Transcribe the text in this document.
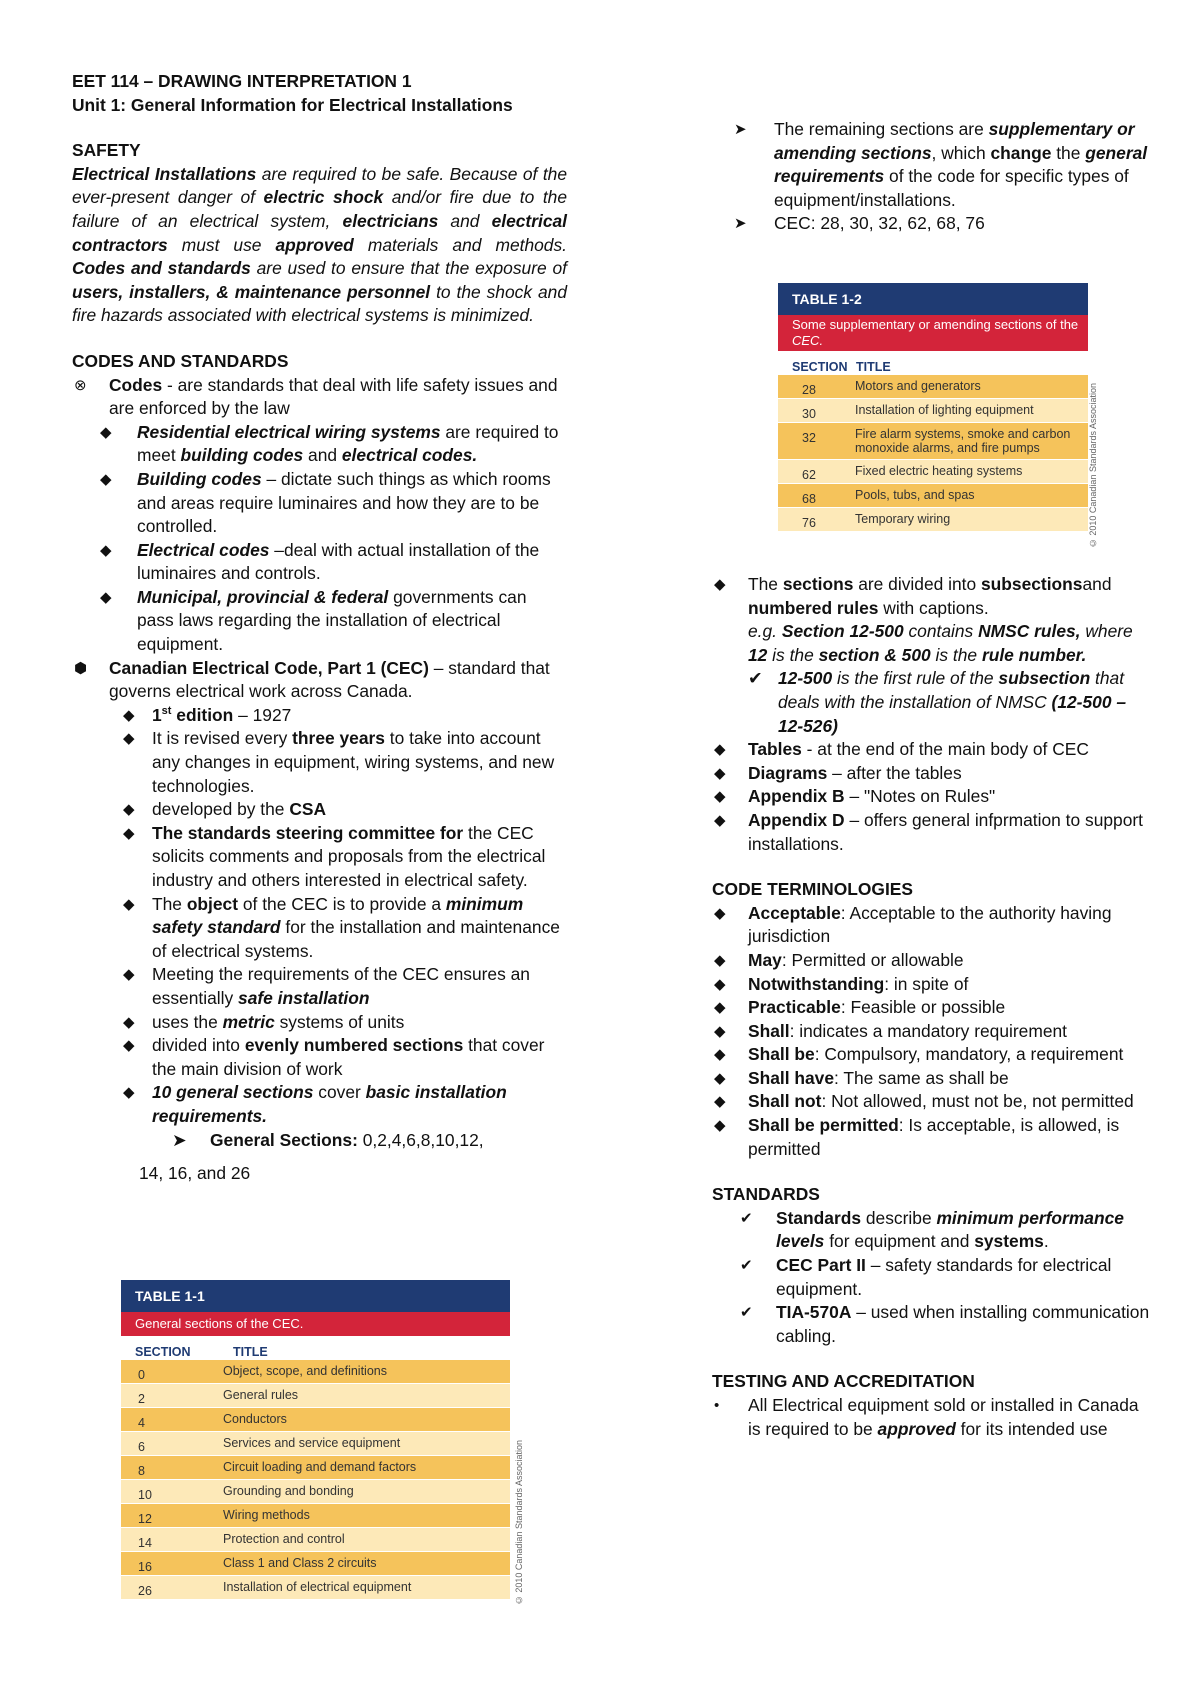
EET 114 – DRAWING INTERPRETATION 1

Unit 1: General Information for Electrical Installations

SAFETY

Electrical Installations are required to be safe. Because of the ever-present danger of electric shock and/or fire due to the failure of an electrical system, electricians and electrical contractors must use approved materials and methods. Codes and standards are used to ensure that the exposure of users, installers, & maintenance personnel to the shock and fire hazards associated with electrical systems is minimized.

CODES AND STANDARDS

⊗ Codes - are standards that deal with life safety issues and are enforced by the law
◆ Residential electrical wiring systems are required to meet building codes and electrical codes.
◆ Building codes – dictate such things as which rooms and areas require luminaires and how they are to be controlled.
◆ Electrical codes –deal with actual installation of the luminaires and controls.
◆ Municipal, provincial & federal governments can pass laws regarding the installation of electrical equipment.
⬢ Canadian Electrical Code, Part 1 (CEC) – standard that governs electrical work across Canada.
◆ 1st edition – 1927
◆ It is revised every three years to take into account any changes in equipment, wiring systems, and new technologies.
◆ developed by the CSA
◆ The standards steering committee for the CEC solicits comments and proposals from the electrical industry and others interested in electrical safety.
◆ The object of the CEC is to provide a minimum safety standard for the installation and maintenance of electrical systems.
◆ Meeting the requirements of the CEC ensures an essentially safe installation
◆ uses the metric systems of units
◆ divided into evenly numbered sections that cover the main division of work
◆ 10 general sections cover basic installation requirements.
➤ General Sections: 0,2,4,6,8,10,12,
14, 16, and 26
TABLE 1-1
General sections of the CEC.
SECTION	TITLE
0	Object, scope, and definitions
2	General rules
4	Conductors
6	Services and service equipment
8	Circuit loading and demand factors
10	Grounding and bonding
12	Wiring methods
14	Protection and control
16	Class 1 and Class 2 circuits
26	Installation of electrical equipment	© 2010 Canadian Standards Association
➤ The remaining sections are supplementary or amending sections, which change the general requirements of the code for specific types of equipment/installations.
➤ CEC: 28, 30, 32, 62, 68, 76
TABLE 1-2
Some supplementary or amending sections of the CEC.
SECTION TITLE
28	Motors and generators
30	Installation of lighting equipment
32	Fire alarm systems, smoke and carbon monoxide alarms, and fire pumps
62	Fixed electric heating systems
68	Pools, tubs, and spas
76	Temporary wiring	© 2010 Canadian Standards Association
◆ The sections are divided into subsectionsand numbered rules with captions.
e.g. Section 12-500 contains NMSC rules, where 12 is the section & 500 is the rule number.
✔ 12-500 is the first rule of the subsection that deals with the installation of NMSC (12-500 – 12-526)
◆ Tables - at the end of the main body of CEC
◆ Diagrams – after the tables
◆ Appendix B – "Notes on Rules"
◆ Appendix D – offers general infprmation to support installations.

CODE TERMINOLOGIES

◆ Acceptable: Acceptable to the authority having jurisdiction
◆ May: Permitted or allowable
◆ Notwithstanding: in spite of
◆ Practicable: Feasible or possible
◆ Shall: indicates a mandatory requirement
◆ Shall be: Compulsory, mandatory, a requirement
◆ Shall have: The same as shall be
◆ Shall not: Not allowed, must not be, not permitted
◆ Shall be permitted: Is acceptable, is allowed, is permitted

STANDARDS

✔ Standards describe minimum performance levels for equipment and systems.
✔ CEC Part II – safety standards for electrical equipment.
✔ TIA-570A – used when installing communication cabling.

TESTING AND ACCREDITATION

• All Electrical equipment sold or installed in Canada is required to be approved for its intended use
